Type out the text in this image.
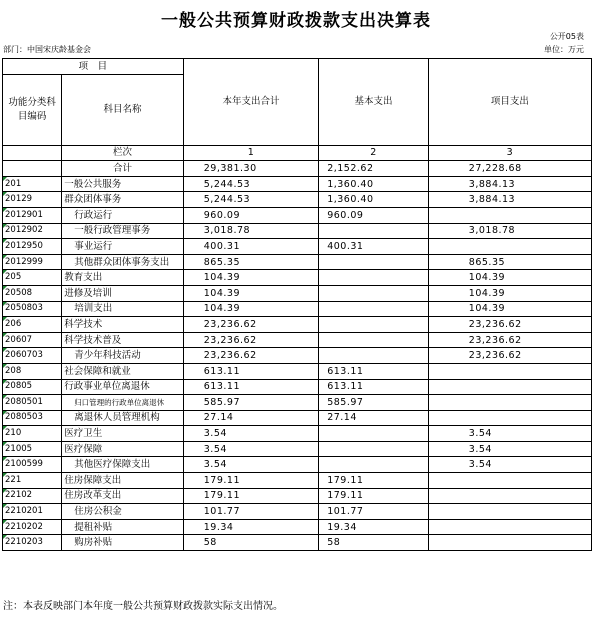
一般公共预算财政拨款支出决算表
公开05表
部门：中国宋庆龄基金会	单位：万元
项　目		本年支出合计	基本支出	项目支出
功能分类科目编码	科目名称			
	栏次	1	2	3
	合计	29,381.30	2,152.62	27,228.68
201	一般公共服务	5,244.53	1,360.40	3,884.13
20129	群众团体事务	5,244.53	1,360.40	3,884.13
2012901	行政运行	960.09	960.09	
2012902	一般行政管理事务	3,018.78		3,018.78
2012950	事业运行	400.31	400.31	
2012999	其他群众团体事务支出	865.35		865.35
205	教育支出	104.39		104.39
20508	进修及培训	104.39		104.39
2050803	培训支出	104.39		104.39
206	科学技术	23,236.62		23,236.62
20607	科学技术普及	23,236.62		23,236.62
2060703	青少年科技活动	23,236.62		23,236.62
208	社会保障和就业	613.11	613.11	
20805	行政事业单位离退休	613.11	613.11	
2080501	归口管理的行政单位离退休	585.97	585.97	
2080503	离退休人员管理机构	27.14	27.14	
210	医疗卫生	3.54		3.54
21005	医疗保障	3.54		3.54
2100599	其他医疗保障支出	3.54		3.54
221	住房保障支出	179.11	179.11	
22102	住房改革支出	179.11	179.11	
2210201	住房公积金	101.77	101.77	
2210202	提租补贴	19.34	19.34	
2210203	购房补贴	58	58	
注：本表反映部门本年度一般公共预算财政拨款实际支出情况。
